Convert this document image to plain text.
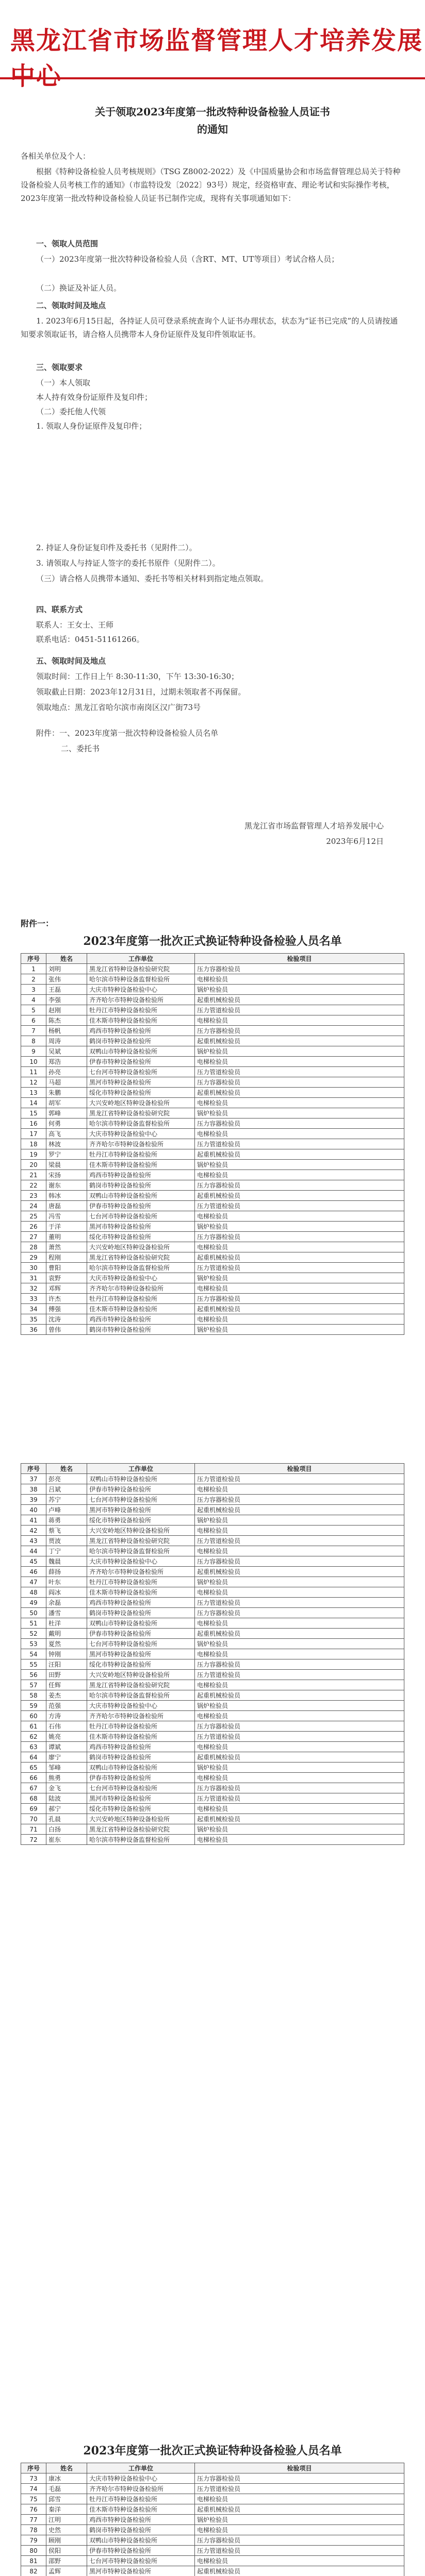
黑龙江省市场监督管理人才培养发展中心
关于领取2023年度第一批改特种设备检验人员证书
的通知
各相关单位及个人：
根据《特种设备检验人员考核规则》（TSG Z8002-2022）及《中国质量协会和市场监督管理总局关于特种设备检验人员考核工作的通知》（市监特设发〔2022〕93号）规定，经资格审查、理论考试和实际操作考核，2023年度第一批改特种设备检验人员证书已制作完成，现将有关事项通知如下：
一、领取人员范围
（一）2023年度第一批次特种设备检验人员（含RT、MT、UT等项目）考试合格人员；
（二）换证及补证人员。
二、领取时间及地点
1. 2023年6月15日起，各持证人员可登录系统查询个人证书办理状态，状态为“证书已完成”的人员请按通知要求领取证书，请合格人员携带本人身份证原件及复印件领取证书。
三、领取要求
（一）本人领取
本人持有效身份证原件及复印件；
（二）委托他人代领
1. 领取人身份证原件及复印件；
2. 持证人身份证复印件及委托书（见附件二）。
3. 请领取人与持证人签字的委托书原件（见附件二）。
（三）请合格人员携带本通知、委托书等相关材料到指定地点领取。
四、联系方式
联系人：王女士、王师
联系电话：0451-51161266。
五、领取时间及地点
领取时间：工作日上午 8:30-11:30，下午 13:30-16:30；
领取截止日期：2023年12月31日，过期未领取者不再保留。
领取地点：黑龙江省哈尔滨市南岗区汉广街73号
附件：一、2023年度第一批次特种设备检验人员名单
二、委托书
黑龙江省市场监督管理人才培养发展中心
2023年6月12日
附件一：
2023年度第一批次正式换证特种设备检验人员名单
序号	姓名	工作单位	检验项目
1	刘明	黑龙江省特种设备检验研究院	压力容器检验员
2	张伟	哈尔滨市特种设备监督检验所	电梯检验员
3	王磊	大庆市特种设备检验中心	锅炉检验员
4	李强	齐齐哈尔市特种设备检验所	起重机械检验员
5	赵刚	牡丹江市特种设备检验所	压力管道检验员
6	陈杰	佳木斯市特种设备检验所	电梯检验员
7	杨帆	鸡西市特种设备检验所	压力容器检验员
8	周涛	鹤岗市特种设备检验所	起重机械检验员
9	吴斌	双鸭山市特种设备检验所	锅炉检验员
10	郑浩	伊春市特种设备检验所	电梯检验员
11	孙亮	七台河市特种设备检验所	压力管道检验员
12	马超	黑河市特种设备检验所	压力容器检验员
13	朱鹏	绥化市特种设备检验所	起重机械检验员
14	胡军	大兴安岭地区特种设备检验所	电梯检验员
15	郭峰	黑龙江省特种设备检验研究院	锅炉检验员
16	何勇	哈尔滨市特种设备监督检验所	压力容器检验员
17	高飞	大庆市特种设备检验中心	电梯检验员
18	林波	齐齐哈尔市特种设备检验所	压力管道检验员
19	罗宁	牡丹江市特种设备检验所	起重机械检验员
20	梁晨	佳木斯市特种设备检验所	锅炉检验员
21	宋扬	鸡西市特种设备检验所	电梯检验员
22	谢东	鹤岗市特种设备检验所	压力容器检验员
23	韩冰	双鸭山市特种设备检验所	起重机械检验员
24	唐磊	伊春市特种设备检验所	压力管道检验员
25	冯雪	七台河市特种设备检验所	电梯检验员
26	于洋	黑河市特种设备检验所	锅炉检验员
27	董明	绥化市特种设备检验所	压力容器检验员
28	萧然	大兴安岭地区特种设备检验所	电梯检验员
29	程刚	黑龙江省特种设备检验研究院	起重机械检验员
30	曹阳	哈尔滨市特种设备监督检验所	压力管道检验员
31	袁野	大庆市特种设备检验中心	锅炉检验员
32	邓辉	齐齐哈尔市特种设备检验所	电梯检验员
33	许杰	牡丹江市特种设备检验所	压力容器检验员
34	傅强	佳木斯市特种设备检验所	起重机械检验员
35	沈涛	鸡西市特种设备检验所	电梯检验员
36	曾伟	鹤岗市特种设备检验所	锅炉检验员
序号	姓名	工作单位	检验项目
37	彭亮	双鸭山市特种设备检验所	压力管道检验员
38	吕斌	伊春市特种设备检验所	电梯检验员
39	苏宁	七台河市特种设备检验所	压力容器检验员
40	卢峰	黑河市特种设备检验所	起重机械检验员
41	蒋勇	绥化市特种设备检验所	锅炉检验员
42	蔡飞	大兴安岭地区特种设备检验所	电梯检验员
43	贾波	黑龙江省特种设备检验研究院	压力管道检验员
44	丁宁	哈尔滨市特种设备监督检验所	电梯检验员
45	魏晨	大庆市特种设备检验中心	压力容器检验员
46	薛扬	齐齐哈尔市特种设备检验所	起重机械检验员
47	叶东	牡丹江市特种设备检验所	锅炉检验员
48	阎冰	佳木斯市特种设备检验所	电梯检验员
49	余磊	鸡西市特种设备检验所	压力管道检验员
50	潘雪	鹤岗市特种设备检验所	压力容器检验员
51	杜洋	双鸭山市特种设备检验所	电梯检验员
52	戴明	伊春市特种设备检验所	起重机械检验员
53	夏然	七台河市特种设备检验所	锅炉检验员
54	钟刚	黑河市特种设备检验所	电梯检验员
55	汪阳	绥化市特种设备检验所	压力容器检验员
56	田野	大兴安岭地区特种设备检验所	压力管道检验员
57	任辉	黑龙江省特种设备检验研究院	电梯检验员
58	姜杰	哈尔滨市特种设备监督检验所	起重机械检验员
59	范强	大庆市特种设备检验中心	锅炉检验员
60	方涛	齐齐哈尔市特种设备检验所	电梯检验员
61	石伟	牡丹江市特种设备检验所	压力容器检验员
62	姚亮	佳木斯市特种设备检验所	压力管道检验员
63	谭斌	鸡西市特种设备检验所	电梯检验员
64	廖宁	鹤岗市特种设备检验所	起重机械检验员
65	邹峰	双鸭山市特种设备检验所	锅炉检验员
66	熊勇	伊春市特种设备检验所	电梯检验员
67	金飞	七台河市特种设备检验所	压力容器检验员
68	陆波	黑河市特种设备检验所	压力管道检验员
69	郝宁	绥化市特种设备检验所	电梯检验员
70	孔晨	大兴安岭地区特种设备检验所	起重机械检验员
71	白扬	黑龙江省特种设备检验研究院	锅炉检验员
72	崔东	哈尔滨市特种设备监督检验所	电梯检验员
2023年度第一批次正式换证特种设备检验人员名单
序号	姓名	工作单位	检验项目
73	康冰	大庆市特种设备检验中心	压力容器检验员
74	毛磊	齐齐哈尔市特种设备检验所	压力管道检验员
75	邱雪	牡丹江市特种设备检验所	电梯检验员
76	秦洋	佳木斯市特种设备检验所	起重机械检验员
77	江明	鸡西市特种设备检验所	锅炉检验员
78	史然	鹤岗市特种设备检验所	电梯检验员
79	顾刚	双鸭山市特种设备检验所	压力容器检验员
80	侯阳	伊春市特种设备检验所	压力管道检验员
81	邵野	七台河市特种设备检验所	电梯检验员
82	孟辉	黑河市特种设备检验所	起重机械检验员
